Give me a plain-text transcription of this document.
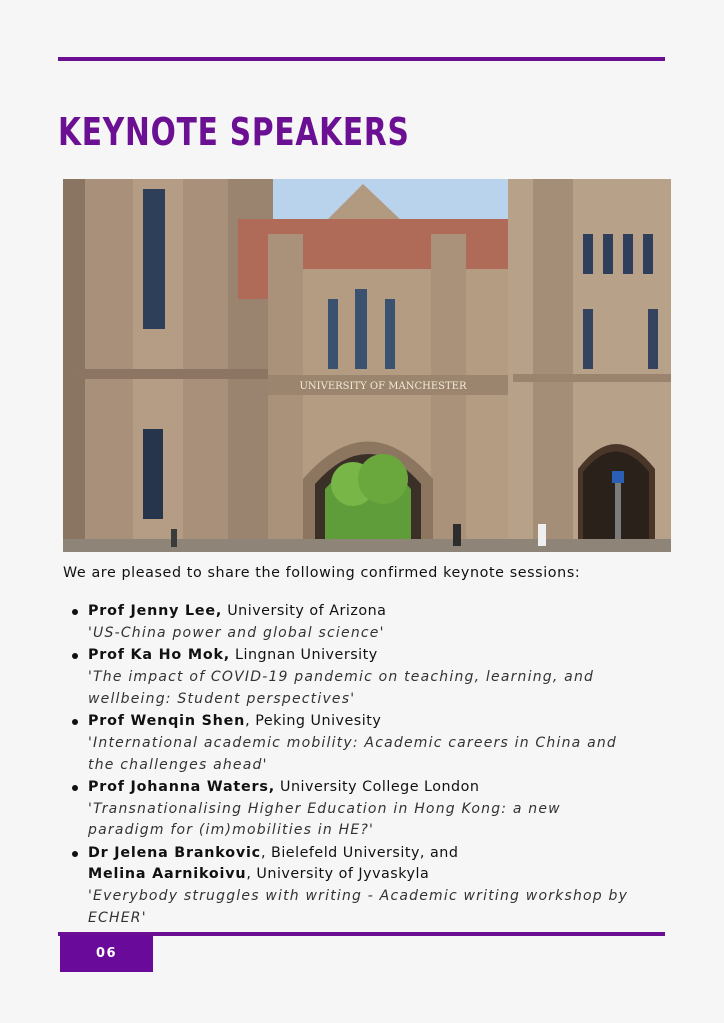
KEYNOTE SPEAKERS
UNIVERSITY OF MANCHESTER
We are pleased to share the following confirmed keynote sessions:
Prof Jenny Lee, University of Arizona
'US-China power and global science'
Prof Ka Ho Mok, Lingnan University
'The impact of COVID-19 pandemic on teaching, learning, and
wellbeing: Student perspectives'
Prof Wenqin Shen, Peking Univesity
'International academic mobility: Academic careers in China and
the challenges ahead'
Prof Johanna Waters, University College London
'Transnationalising Higher Education in Hong Kong: a new
paradigm for (im)mobilities in HE?'
Dr Jelena Brankovic, Bielefeld University, and
Melina Aarnikoivu, University of Jyvaskyla
'Everybody struggles with writing - Academic writing workshop by
ECHER'
06
